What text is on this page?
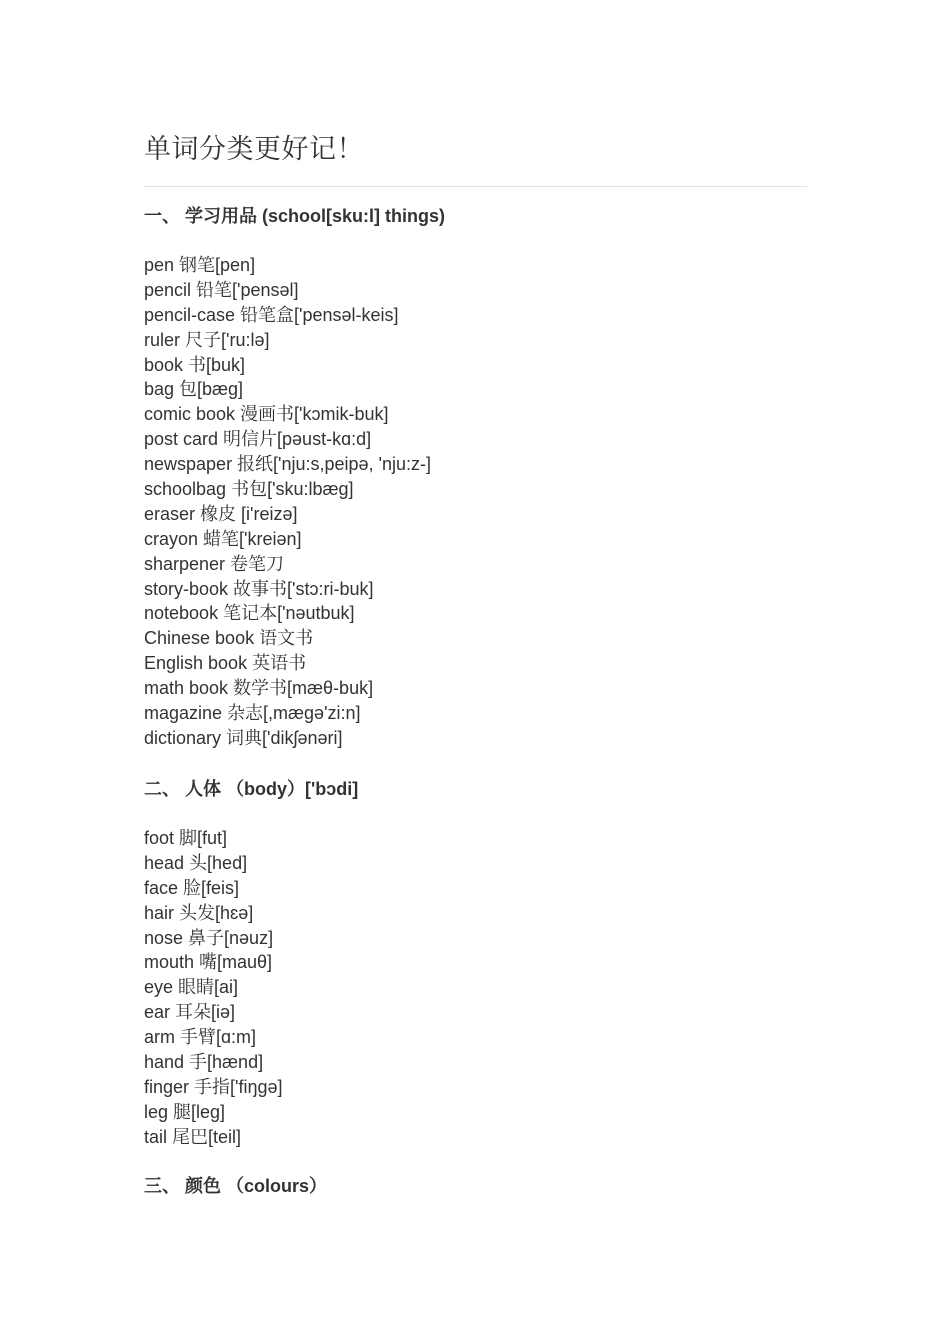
单词分类更好记！
一、 学习用品 (school[sku:l] things)
pen 钢笔[pen]
pencil 铅笔['pensəl]
pencil-case 铅笔盒['pensəl-keis]
ruler 尺子['ru:lə]
book 书[buk]
bag 包[bæɡ]
comic book 漫画书['kɔmik-buk]
post card 明信片[pəust-kɑ:d]
newspaper 报纸['nju:s,peipə, 'nju:z-]
schoolbag 书包['sku:lbæɡ]
eraser 橡皮 [i'reizə]
crayon 蜡笔['kreiən]
sharpener 卷笔刀
story-book 故事书['stɔ:ri-buk]
notebook 笔记本['nəutbuk]
Chinese book 语文书
English book 英语书
math book 数学书[mæθ-buk]
magazine 杂志[,mæɡə'zi:n]
dictionary 词典['dikʃənəri]
二、 人体 （body）['bɔdi]
foot 脚[fut]
head 头[hed]
face 脸[feis]
hair 头发[hɛə]
nose 鼻子[nəuz]
mouth 嘴[mauθ]
eye 眼睛[ai]
ear 耳朵[iə]
arm 手臂[ɑ:m]
hand 手[hænd]
finger 手指['fiŋɡə]
leg 腿[leɡ]
tail 尾巴[teil]
三、 颜色 （colours）
